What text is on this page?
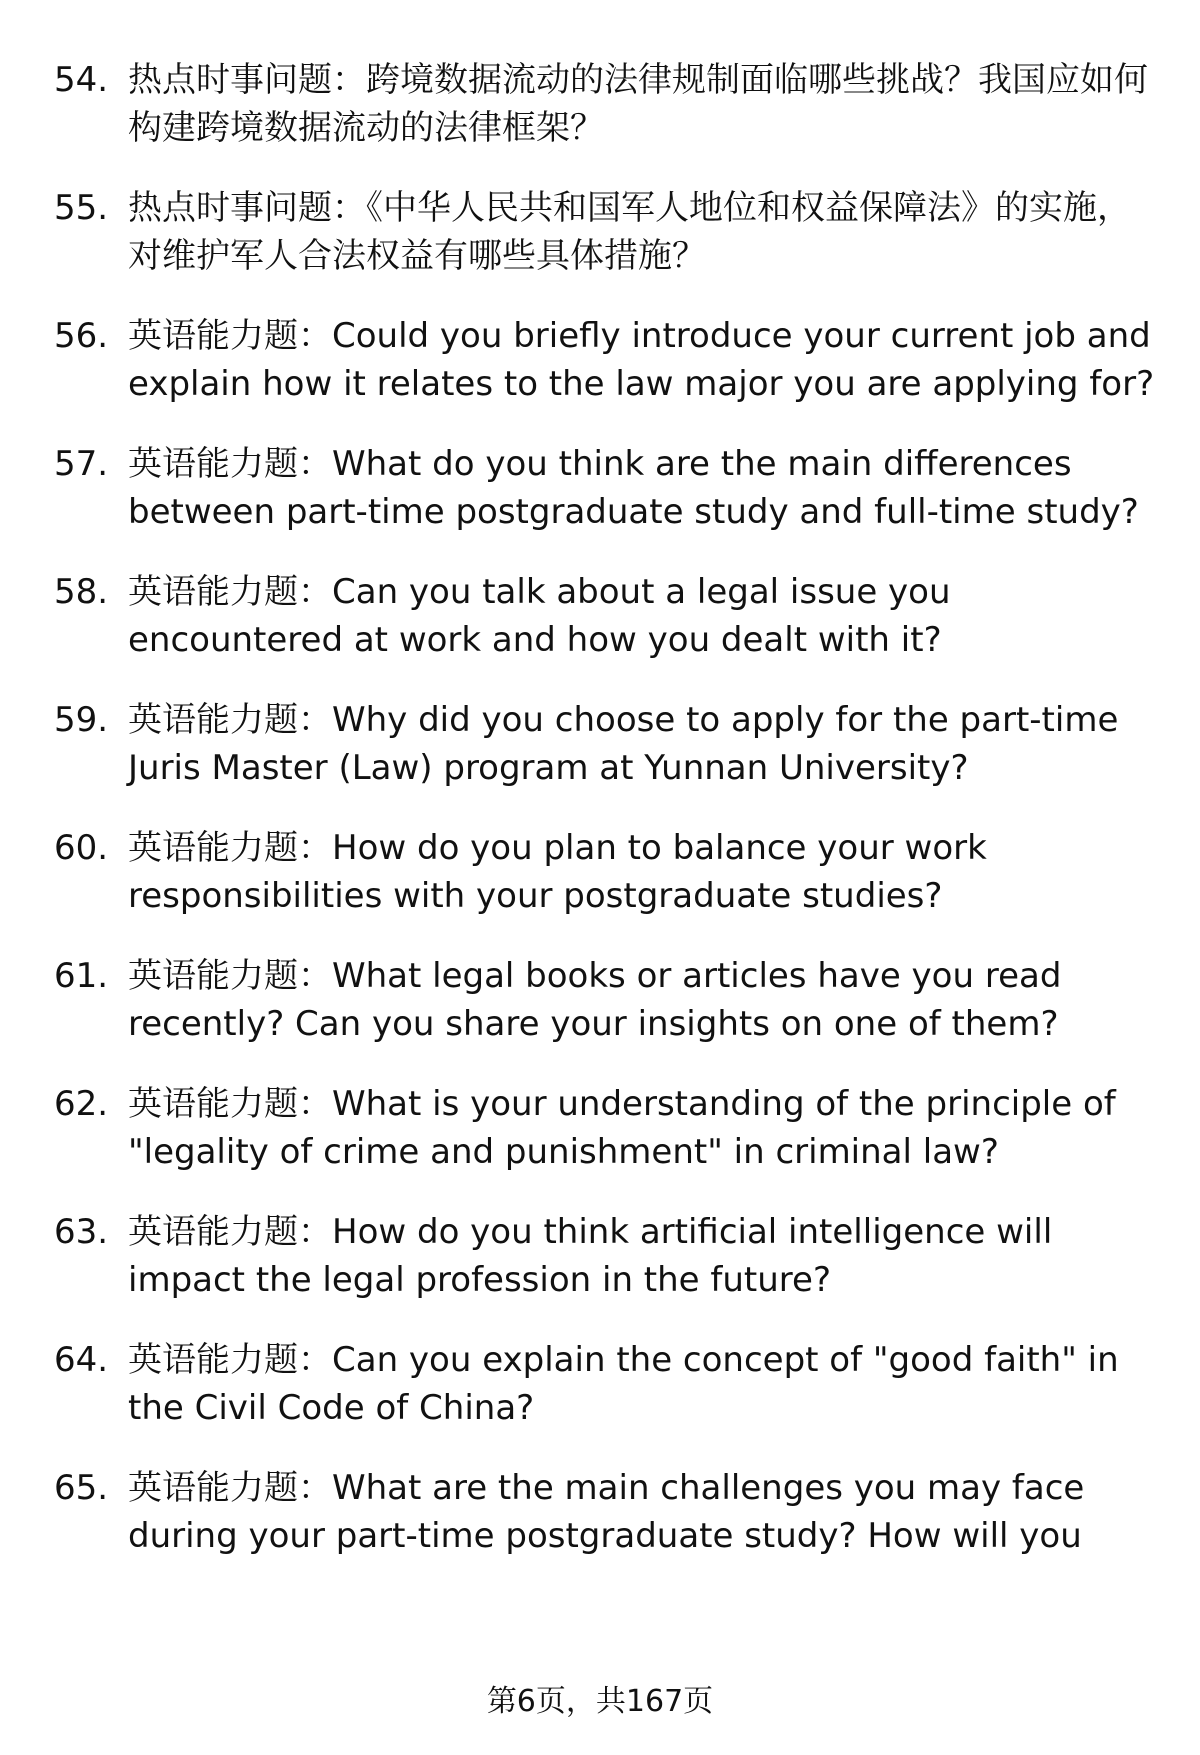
54. 热点时事问题：跨境数据流动的法律规制面临哪些挑战？我国应如何构建跨境数据流动的法律框架？
55. 热点时事问题：《中华人民共和国军人地位和权益保障法》的实施，对维护军人合法权益有哪些具体措施？
56. 英语能力题：Could you briefly introduce your current job and explain how it relates to the law major you are applying for?
57. 英语能力题：What do you think are the main differences between part-time postgraduate study and full-time study?
58. 英语能力题：Can you talk about a legal issue you encountered at work and how you dealt with it?
59. 英语能力题：Why did you choose to apply for the part-time Juris Master (Law) program at Yunnan University?
60. 英语能力题：How do you plan to balance your work responsibilities with your postgraduate studies?
61. 英语能力题：What legal books or articles have you read recently? Can you share your insights on one of them?
62. 英语能力题：What is your understanding of the principle of "legality of crime and punishment" in criminal law?
63. 英语能力题：How do you think artificial intelligence will impact the legal profession in the future?
64. 英语能力题：Can you explain the concept of "good faith" in the Civil Code of China?
65. 英语能力题：What are the main challenges you may face during your part-time postgraduate study? How will you
第6页，共167页
